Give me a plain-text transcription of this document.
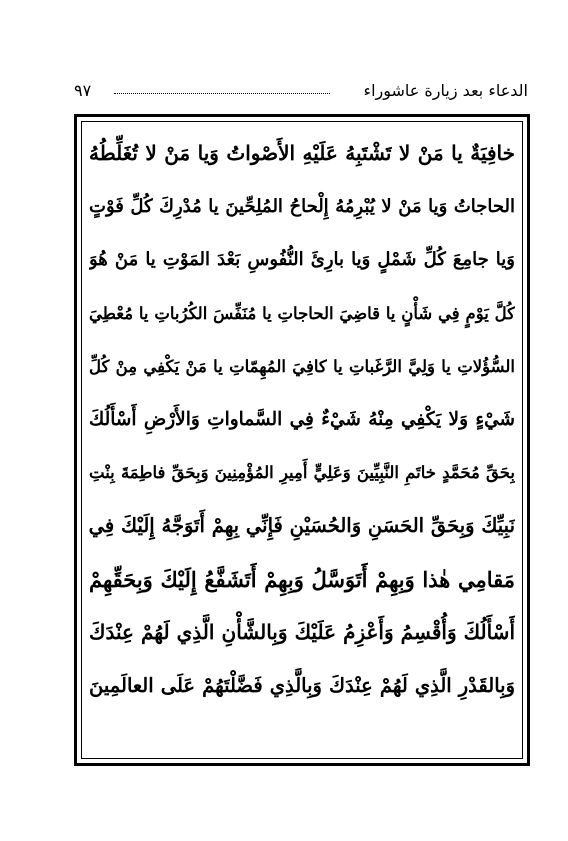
الدعاء بعد زيارة عاشوراء
٩٧
خافِيَةٌ يا مَنْ لا تَشْتَبِهُ عَلَيْهِ الأَصْواتُ وَيا مَنْ لا تُغَلِّطُهُ
الحاجاتُ وَيا مَنْ لا يُبْرِمُهُ إِلْحاحُ المُلِحِّينَ يا مُدْرِكَ كُلِّ فَوْتٍ
وَيا جامِعَ كُلِّ شَمْلٍ وَيا بارِئَ النُّفُوسِ بَعْدَ المَوْتِ يا مَنْ هُوَ
كُلَّ يَوْمٍ فِي شَأْنٍ يا قاضِيَ الحاجاتِ يا مُنَفِّسَ الكُرُباتِ يا مُعْطِيَ
السُّؤُلاتِ يا وَلِيَّ الرَّغَباتِ يا كافِيَ المُهِمّاتِ يا مَنْ يَكْفِي مِنْ كُلِّ
شَيْءٍ وَلا يَكْفِي مِنْهُ شَيْءٌ فِي السَّماواتِ وَالأَرْضِ أَسْأَلُكَ
بِحَقِّ مُحَمَّدٍ خاتَمِ النَّبِيِّينَ وَعَلِيٍّ أَمِيرِ المُؤْمِنِينَ وَبِحَقِّ فاطِمَةَ بِنْتِ
نَبِيِّكَ وَبِحَقِّ الحَسَنِ وَالحُسَيْنِ فَإِنِّي بِهِمْ أَتَوَجَّهُ إِلَيْكَ فِي
مَقامِي هٰذا وَبِهِمْ أَتَوَسَّلُ وَبِهِمْ أَتَشَفَّعُ إِلَيْكَ وَبِحَقِّهِمْ
أَسْأَلُكَ وَأُقْسِمُ وَأَعْزِمُ عَلَيْكَ وَبِالشَّأْنِ الَّذِي لَهُمْ عِنْدَكَ
وَبِالقَدْرِ الَّذِي لَهُمْ عِنْدَكَ وَبِالَّذِي فَضَّلْتَهُمْ عَلَى العالَمِينَ
